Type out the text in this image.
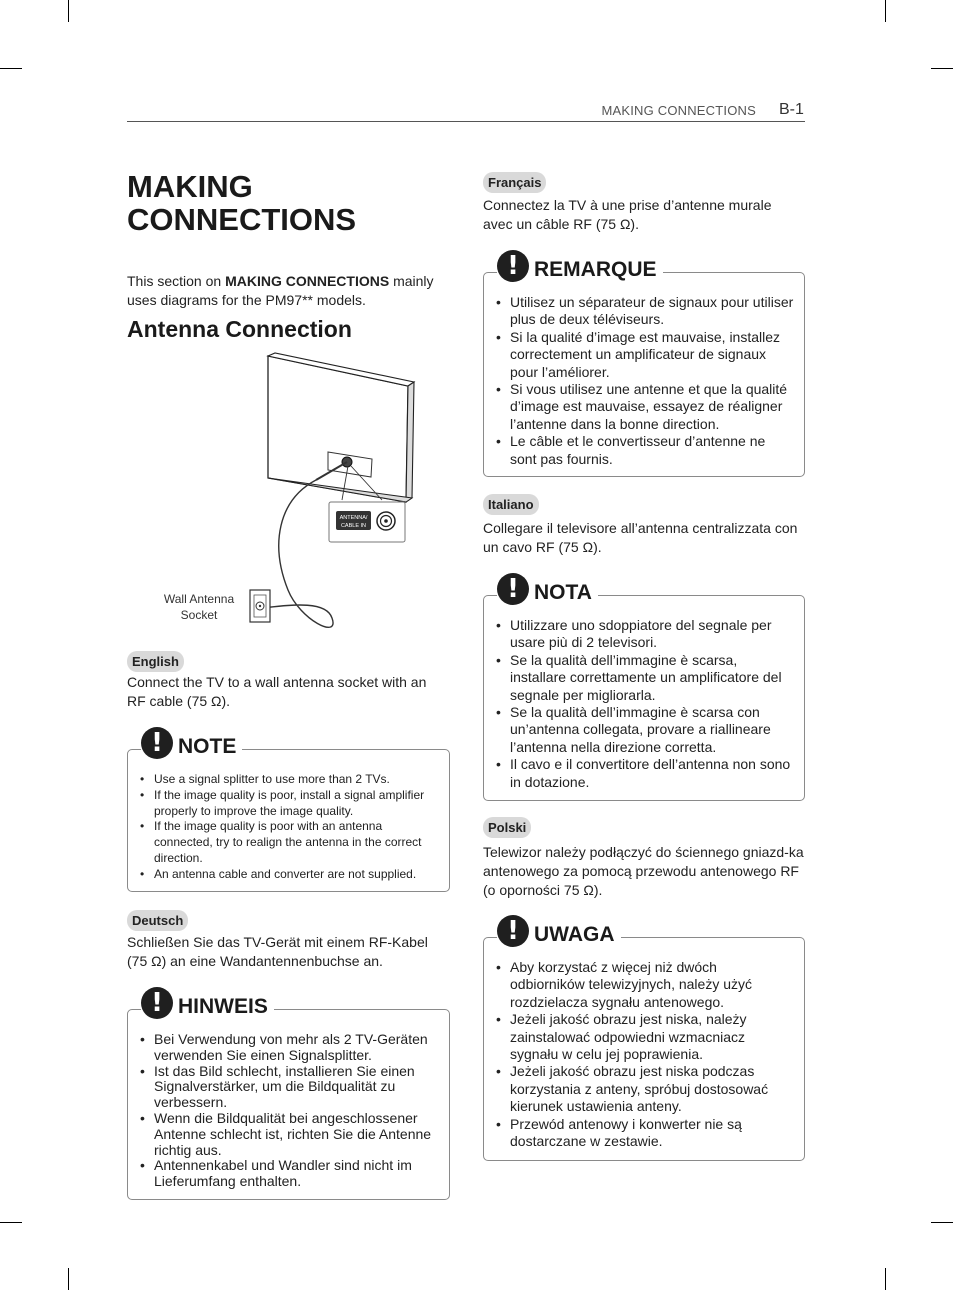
MAKING CONNECTIONS B-1
MAKING CONNECTIONS

This section on MAKING CONNECTIONS mainly uses diagrams for the PM97** models.

Antenna Connection
ANTENNA/
CABLE IN
Wall Antenna Socket
English

Connect the TV to a wall antenna socket with an RF cable (75 Ω).

• Use a signal splitter to use more than 2 TVs.
• If the image quality is poor, install a signal amplifier properly to improve the image quality.
• If the image quality is poor with an antenna connected, try to realign the antenna in the correct direction.
• An antenna cable and converter are not supplied.
! NOTE
Deutsch

Schließen Sie das TV-Gerät mit einem RF-Kabel (75 Ω) an eine Wandantennenbuchse an.

• Bei Verwendung von mehr als 2 TV-Geräten verwenden Sie einen Signalsplitter.
• Ist das Bild schlecht, installieren Sie einen Signalverstärker, um die Bildqualität zu verbessern.
• Wenn die Bildqualität bei angeschlossener Antenne schlecht ist, richten Sie die Antenne richtig aus.
• Antennenkabel und Wandler sind nicht im Lieferumfang enthalten.
! HINWEIS
Français

Connectez la TV à une prise d’antenne murale avec un câble RF (75 Ω).

• Utilisez un séparateur de signaux pour utiliser plus de deux téléviseurs.
• Si la qualité d’image est mauvaise, installez correctement un amplificateur de signaux pour l’améliorer.
• Si vous utilisez une antenne et que la qualité d’image est mauvaise, essayez de réaligner l’antenne dans la bonne direction.
• Le câble et le convertisseur d’antenne ne sont pas fournis.
! REMARQUE
Italiano

Collegare il televisore all’antenna centralizzata con un cavo RF (75 Ω).

• Utilizzare uno sdoppiatore del segnale per usare più di 2 televisori.
• Se la qualità dell’immagine è scarsa, installare correttamente un amplificatore del segnale per migliorarla.
• Se la qualità dell’immagine è scarsa con un’antenna collegata, provare a riallineare l’antenna nella direzione corretta.
• Il cavo e il convertitore dell’antenna non sono in dotazione.
! NOTA
Polski

Telewizor należy podłączyć do ściennego gniazd-ka antenowego za pomocą przewodu antenowego RF (o oporności 75 Ω).

• Aby korzystać z więcej niż dwóch odbiorników telewizyjnych, należy użyć rozdzielacza sygnału antenowego.
• Jeżeli jakość obrazu jest niska, należy zainstalować odpowiedni wzmacniacz sygnału w celu jej poprawienia.
• Jeżeli jakość obrazu jest niska podczas korzystania z anteny, spróbuj dostosować kierunek ustawienia anteny.
• Przewód antenowy i konwerter nie są dostarczane w zestawie.
! UWAGA
